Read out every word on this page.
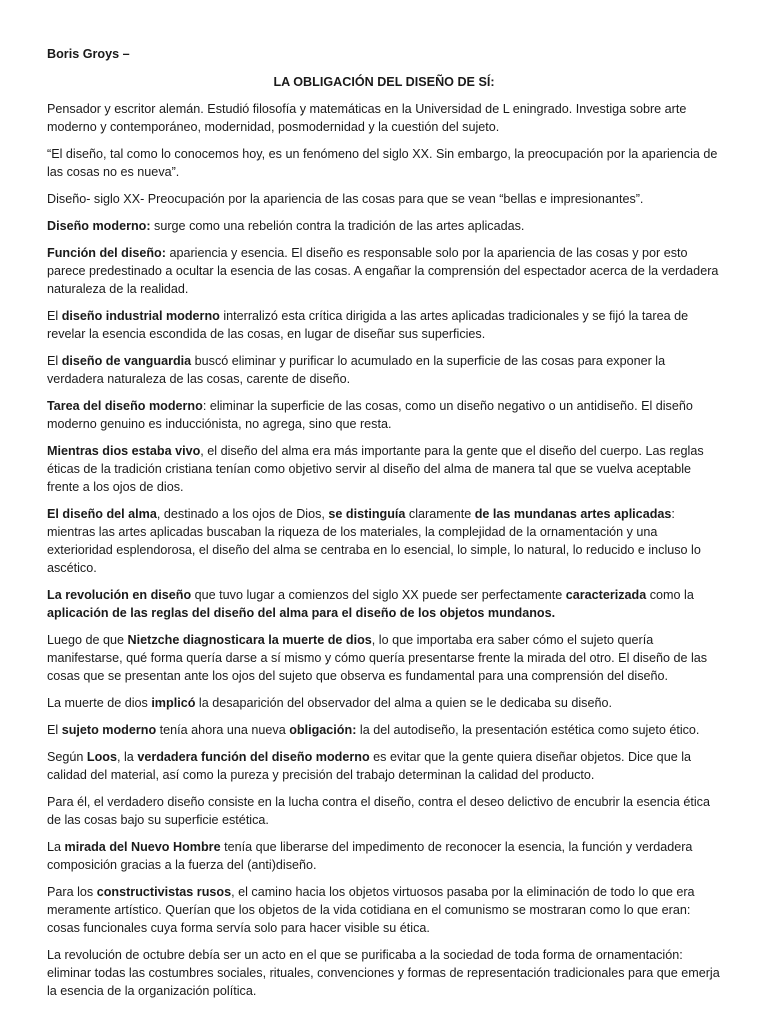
Boris Groys –

LA OBLIGACIÓN DEL DISEÑO DE SÍ:

Pensador y escritor alemán. Estudió filosofía y matemáticas en la Universidad de L eningrado. Investiga sobre arte moderno y contemporáneo, modernidad, posmodernidad y la cuestión del sujeto.

“El diseño, tal como lo conocemos hoy, es un fenómeno del siglo XX. Sin embargo, la preocupación por la apariencia de las cosas no es nueva”.

Diseño- siglo XX- Preocupación por la apariencia de las cosas para que se vean “bellas e impresionantes”.

Diseño moderno: surge como una rebelión contra la tradición de las artes aplicadas.

Función del diseño: apariencia y esencia. El diseño es responsable solo por la apariencia de las cosas y por esto parece predestinado a ocultar la esencia de las cosas. A engañar la comprensión del espectador acerca de la verdadera naturaleza de la realidad.

El diseño industrial moderno interralizó esta crítica dirigida a las artes aplicadas tradicionales y se fijó la tarea de revelar la esencia escondida de las cosas, en lugar de diseñar sus superficies.

El diseño de vanguardia buscó eliminar y purificar lo acumulado en la superficie de las cosas para exponer la verdadera naturaleza de las cosas, carente de diseño.

Tarea del diseño moderno: eliminar la superficie de las cosas, como un diseño negativo o un antidiseño. El diseño moderno genuino es inducciónista, no agrega, sino que resta.

Mientras dios estaba vivo, el diseño del alma era más importante para la gente que el diseño del cuerpo. Las reglas éticas de la tradición cristiana tenían como objetivo servir al diseño del alma de manera tal que se vuelva aceptable frente a los ojos de dios.

El diseño del alma, destinado a los ojos de Dios, se distinguía claramente de las mundanas artes aplicadas: mientras las artes aplicadas buscaban la riqueza de los materiales, la complejidad de la ornamentación y una exterioridad esplendorosa, el diseño del alma se centraba en lo esencial, lo simple, lo natural, lo reducido e incluso lo ascético.

La revolución en diseño que tuvo lugar a comienzos del siglo XX puede ser perfectamente caracterizada como la aplicación de las reglas del diseño del alma para el diseño de los objetos mundanos.

Luego de que Nietzche diagnosticara la muerte de dios, lo que importaba era saber cómo el sujeto quería manifestarse, qué forma quería darse a sí mismo y cómo quería presentarse frente la mirada del otro. El diseño de las cosas que se presentan ante los ojos del sujeto que observa es fundamental para una comprensión del diseño.

La muerte de dios implicó la desaparición del observador del alma a quien se le dedicaba su diseño.

El sujeto moderno tenía ahora una nueva obligación: la del autodiseño, la presentación estética como sujeto ético.

Según Loos, la verdadera función del diseño moderno es evitar que la gente quiera diseñar objetos. Dice que la calidad del material, así como la pureza y precisión del trabajo determinan la calidad del producto.

Para él, el verdadero diseño consiste en la lucha contra el diseño, contra el deseo delictivo de encubrir la esencia ética de las cosas bajo su superficie estética.

La mirada del Nuevo Hombre tenía que liberarse del impedimento de reconocer la esencia, la función y verdadera composición gracias a la fuerza del (anti)diseño.

Para los constructivistas rusos, el camino hacia los objetos virtuosos pasaba por la eliminación de todo lo que era meramente artístico. Querían que los objetos de la vida cotidiana en el comunismo se mostraran como lo que eran: cosas funcionales cuya forma servía solo para hacer visible su ética.

La revolución de octubre debía ser un acto en el que se purificaba a la sociedad de toda forma de ornamentación: eliminar todas las costumbres sociales, rituales, convenciones y formas de representación tradicionales para que emerja la esencia de la organización política.
